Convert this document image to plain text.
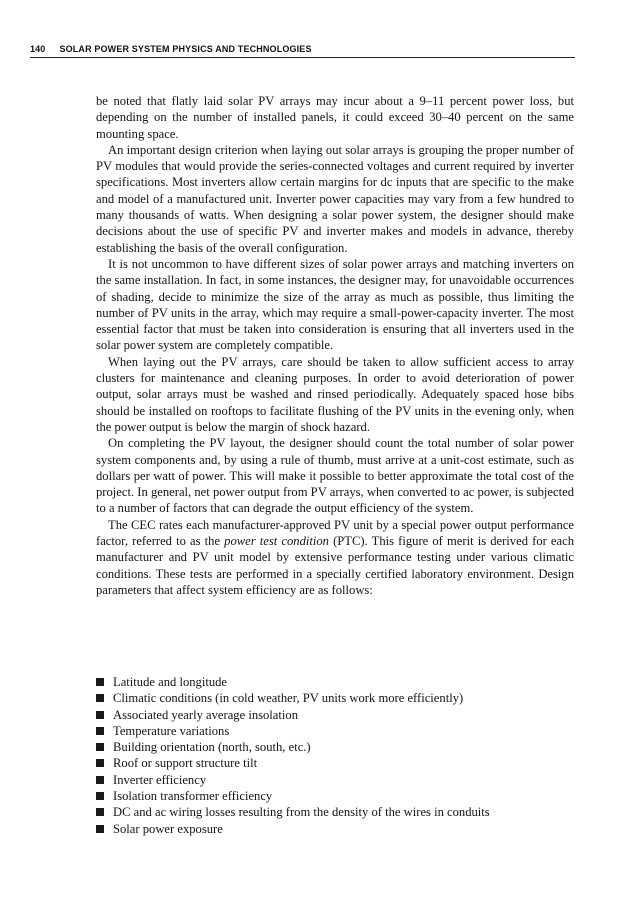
140 SOLAR POWER SYSTEM PHYSICS AND TECHNOLOGIES

be noted that flatly laid solar PV arrays may incur about a 9–11 percent power loss, but depending on the number of installed panels, it could exceed 30–40 percent on the same mounting space.

An important design criterion when laying out solar arrays is grouping the proper number of PV modules that would provide the series-connected voltages and current required by inverter specifications. Most inverters allow certain margins for dc inputs that are specific to the make and model of a manufactured unit. Inverter power capacities may vary from a few hundred to many thousands of watts. When designing a solar power system, the designer should make decisions about the use of specific PV and inverter makes and models in advance, thereby establishing the basis of the overall configuration.

It is not uncommon to have different sizes of solar power arrays and matching inverters on the same installation. In fact, in some instances, the designer may, for unavoidable occurrences of shading, decide to minimize the size of the array as much as possible, thus limiting the number of PV units in the array, which may require a small-power-capacity inverter. The most essential factor that must be taken into consideration is ensuring that all inverters used in the solar power system are completely compatible.

When laying out the PV arrays, care should be taken to allow sufficient access to array clusters for maintenance and cleaning purposes. In order to avoid deterioration of power output, solar arrays must be washed and rinsed periodically. Adequately spaced hose bibs should be installed on rooftops to facilitate flushing of the PV units in the evening only, when the power output is below the margin of shock hazard.

On completing the PV layout, the designer should count the total number of solar power system components and, by using a rule of thumb, must arrive at a unit-cost estimate, such as dollars per watt of power. This will make it possible to better approximate the total cost of the project. In general, net power output from PV arrays, when converted to ac power, is subjected to a number of factors that can degrade the output efficiency of the system.

The CEC rates each manufacturer-approved PV unit by a special power output performance factor, referred to as the power test condition (PTC). This figure of merit is derived for each manufacturer and PV unit model by extensive performance testing under various climatic conditions. These tests are performed in a specially certified laboratory environment. Design parameters that affect system efficiency are as follows:

Latitude and longitude
Climatic conditions (in cold weather, PV units work more efficiently)
Associated yearly average insolation
Temperature variations
Building orientation (north, south, etc.)
Roof or support structure tilt
Inverter efficiency
Isolation transformer efficiency
DC and ac wiring losses resulting from the density of the wires in conduits
Solar power exposure
